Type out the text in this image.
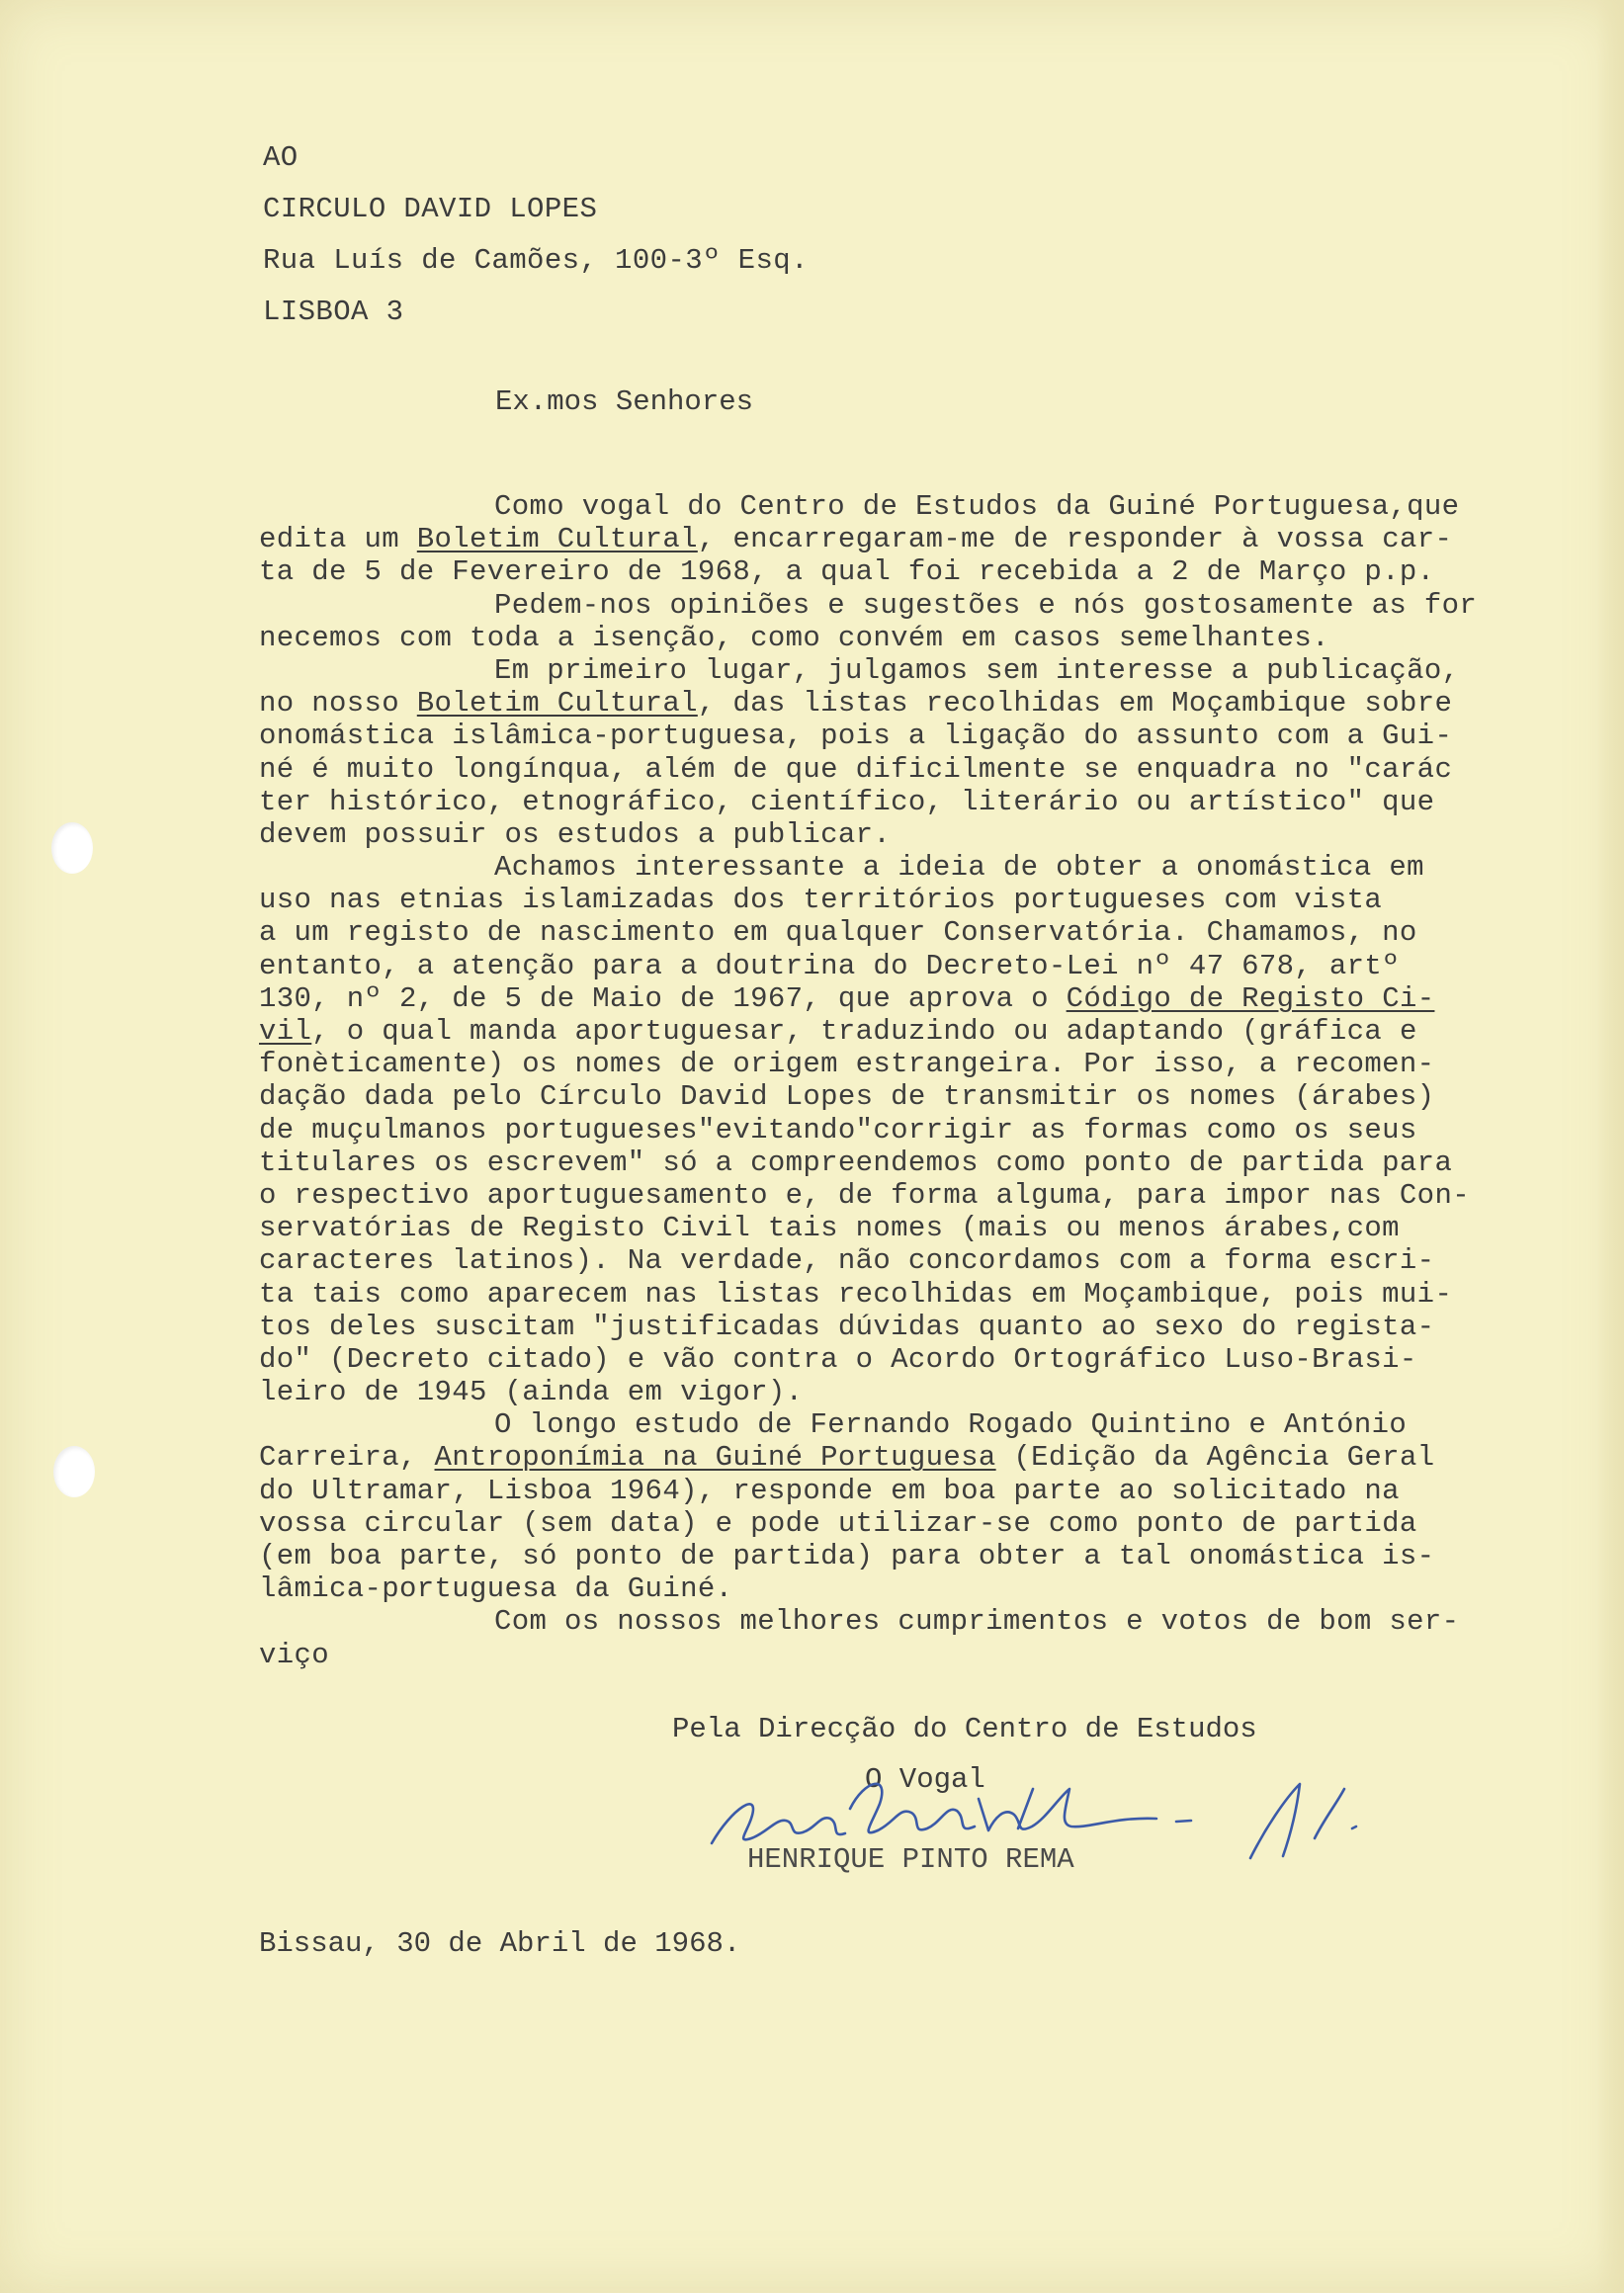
AO
CIRCULO DAVID LOPES
Rua Luís de Camões, 100-3º Esq.
LISBOA 3
Ex.mos Senhores
Como vogal do Centro de Estudos da Guiné Portuguesa,que
edita um Boletim Cultural, encarregaram-me de responder à vossa car-
ta de 5 de Fevereiro de 1968, a qual foi recebida a 2 de Março p.p.
Pedem-nos opiniões e sugestões e nós gostosamente as for
necemos com toda a isenção, como convém em casos semelhantes.
Em primeiro lugar, julgamos sem interesse a publicação,
no nosso Boletim Cultural, das listas recolhidas em Moçambique sobre
onomástica islâmica-portuguesa, pois a ligação do assunto com a Gui-
né é muito longínqua, além de que dificilmente se enquadra no "carác
ter histórico, etnográfico, científico, literário ou artístico" que
devem possuir os estudos a publicar.
Achamos interessante a ideia de obter a onomástica em
uso nas etnias islamizadas dos territórios portugueses com vista
a um registo de nascimento em qualquer Conservatória. Chamamos, no
entanto, a atenção para a doutrina do Decreto-Lei nº 47 678, artº
130, nº 2, de 5 de Maio de 1967, que aprova o Código de Registo Ci-
vil, o qual manda aportuguesar, traduzindo ou adaptando (gráfica e
fonèticamente) os nomes de origem estrangeira. Por isso, a recomen-
dação dada pelo Círculo David Lopes de transmitir os nomes (árabes)
de muçulmanos portugueses"evitando"corrigir as formas como os seus
titulares os escrevem" só a compreendemos como ponto de partida para
o respectivo aportuguesamento e, de forma alguma, para impor nas Con-
servatórias de Registo Civil tais nomes (mais ou menos árabes,com
caracteres latinos). Na verdade, não concordamos com a forma escri-
ta tais como aparecem nas listas recolhidas em Moçambique, pois mui-
tos deles suscitam "justificadas dúvidas quanto ao sexo do regista-
do" (Decreto citado) e vão contra o Acordo Ortográfico Luso-Brasi-
leiro de 1945 (ainda em vigor).
O longo estudo de Fernando Rogado Quintino e António
Carreira, Antroponímia na Guiné Portuguesa (Edição da Agência Geral
do Ultramar, Lisboa 1964), responde em boa parte ao solicitado na
vossa circular (sem data) e pode utilizar-se como ponto de partida
(em boa parte, só ponto de partida) para obter a tal onomástica is-
lâmica-portuguesa da Guiné.
Com os nossos melhores cumprimentos e votos de bom ser-
viço
Pela Direcção do Centro de Estudos
O Vogal
HENRIQUE PINTO REMA
Bissau, 30 de Abril de 1968.
